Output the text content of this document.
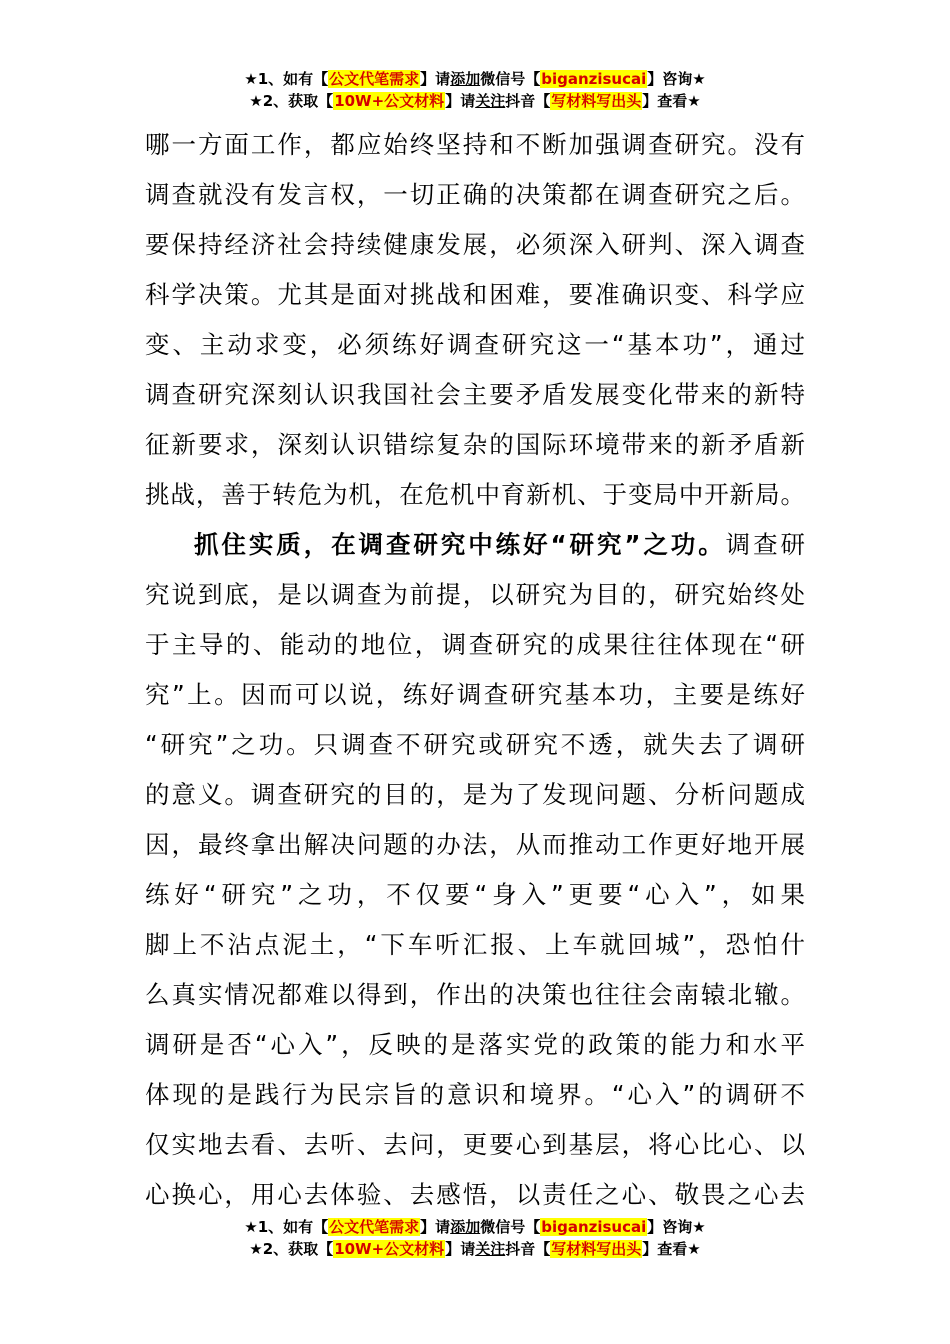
★1、如有【公文代笔需求】请添加微信号【biganzisucai】咨询★
★2、获取【10W+公文材料】请关注抖音【写材料写出头】查看★
哪一方面工作，都应始终坚持和不断加强调查研究。没有
调查就没有发言权，一切正确的决策都在调查研究之后。
要保持经济社会持续健康发展，必须深入研判、深入调查
科学决策。尤其是面对挑战和困难，要准确识变、科学应
变、主动求变，必须练好调查研究这一“基本功”，通过
调查研究深刻认识我国社会主要矛盾发展变化带来的新特
征新要求，深刻认识错综复杂的国际环境带来的新矛盾新
挑战，善于转危为机，在危机中育新机、于变局中开新局。
抓住实质，在调查研究中练好“研究”之功。调查研
究说到底，是以调查为前提，以研究为目的，研究始终处
于主导的、能动的地位，调查研究的成果往往体现在“研
究”上。因而可以说，练好调查研究基本功，主要是练好
“研究”之功。只调查不研究或研究不透，就失去了调研
的意义。调查研究的目的，是为了发现问题、分析问题成
因，最终拿出解决问题的办法，从而推动工作更好地开展
练好“研究”之功，不仅要“身入”更要“心入”，如果
脚上不沾点泥土，“下车听汇报、上车就回城”，恐怕什
么真实情况都难以得到，作出的决策也往往会南辕北辙。
调研是否“心入”，反映的是落实党的政策的能力和水平
体现的是践行为民宗旨的意识和境界。“心入”的调研不
仅实地去看、去听、去问，更要心到基层，将心比心、以
心换心，用心去体验、去感悟，以责任之心、敬畏之心去
★1、如有【公文代笔需求】请添加微信号【biganzisucai】咨询★
★2、获取【10W+公文材料】请关注抖音【写材料写出头】查看★
